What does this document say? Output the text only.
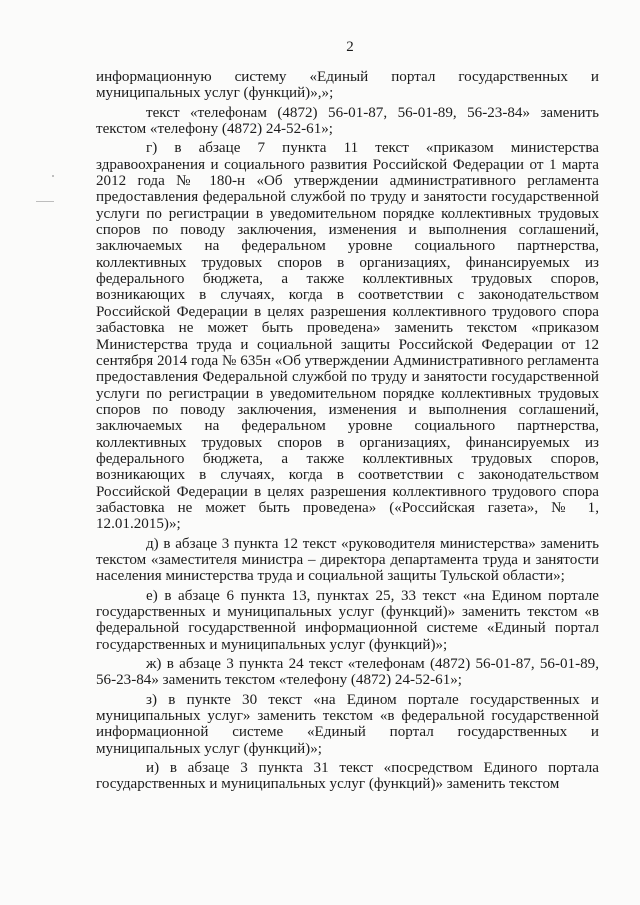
2

информационную систему «Единый портал государственных и муниципальных услуг (функций)»,»;

текст «телефонам (4872) 56-01-87, 56-01-89, 56-23-84» заменить текстом «телефону (4872) 24-52-61»;

г) в абзаце 7 пункта 11 текст «приказом министерства здравоохранения и социального развития Российской Федерации от 1 марта 2012 года № 180-н «Об утверждении административного регламента предоставления федеральной службой по труду и занятости государственной услуги по регистрации в уведомительном порядке коллективных трудовых споров по поводу заключения, изменения и выполнения соглашений, заключаемых на федеральном уровне социального партнерства, коллективных трудовых споров в организациях, финансируемых из федерального бюджета, а также коллективных трудовых споров, возникающих в случаях, когда в соответствии с законодательством Российской Федерации в целях разрешения коллективного трудового спора забастовка не может быть проведена» заменить текстом «приказом Министерства труда и социальной защиты Российской Федерации от 12 сентября 2014 года № 635н «Об утверждении Административного регламента предоставления Федеральной службой по труду и занятости государственной услуги по регистрации в уведомительном порядке коллективных трудовых споров по поводу заключения, изменения и выполнения соглашений, заключаемых на федеральном уровне социального партнерства, коллективных трудовых споров в организациях, финансируемых из федерального бюджета, а также коллективных трудовых споров, возникающих в случаях, когда в соответствии с законодательством Российской Федерации в целях разрешения коллективного трудового спора забастовка не может быть проведена» («Российская газета», № 1, 12.01.2015)»;

д) в абзаце 3 пункта 12 текст «руководителя министерства» заменить текстом «заместителя министра – директора департамента труда и занятости населения министерства труда и социальной защиты Тульской области»;

е) в абзаце 6 пункта 13, пунктах 25, 33 текст «на Едином портале государственных и муниципальных услуг (функций)» заменить текстом «в федеральной государственной информационной системе «Единый портал государственных и муниципальных услуг (функций)»;

ж) в абзаце 3 пункта 24 текст «телефонам (4872) 56-01-87, 56-01-89, 56-23-84» заменить текстом «телефону (4872) 24-52-61»;

з) в пункте 30 текст «на Едином портале государственных и муниципальных услуг» заменить текстом «в федеральной государственной информационной системе «Единый портал государственных и муниципальных услуг (функций)»;

и) в абзаце 3 пункта 31 текст «посредством Единого портала государственных и муниципальных услуг (функций)» заменить текстом
